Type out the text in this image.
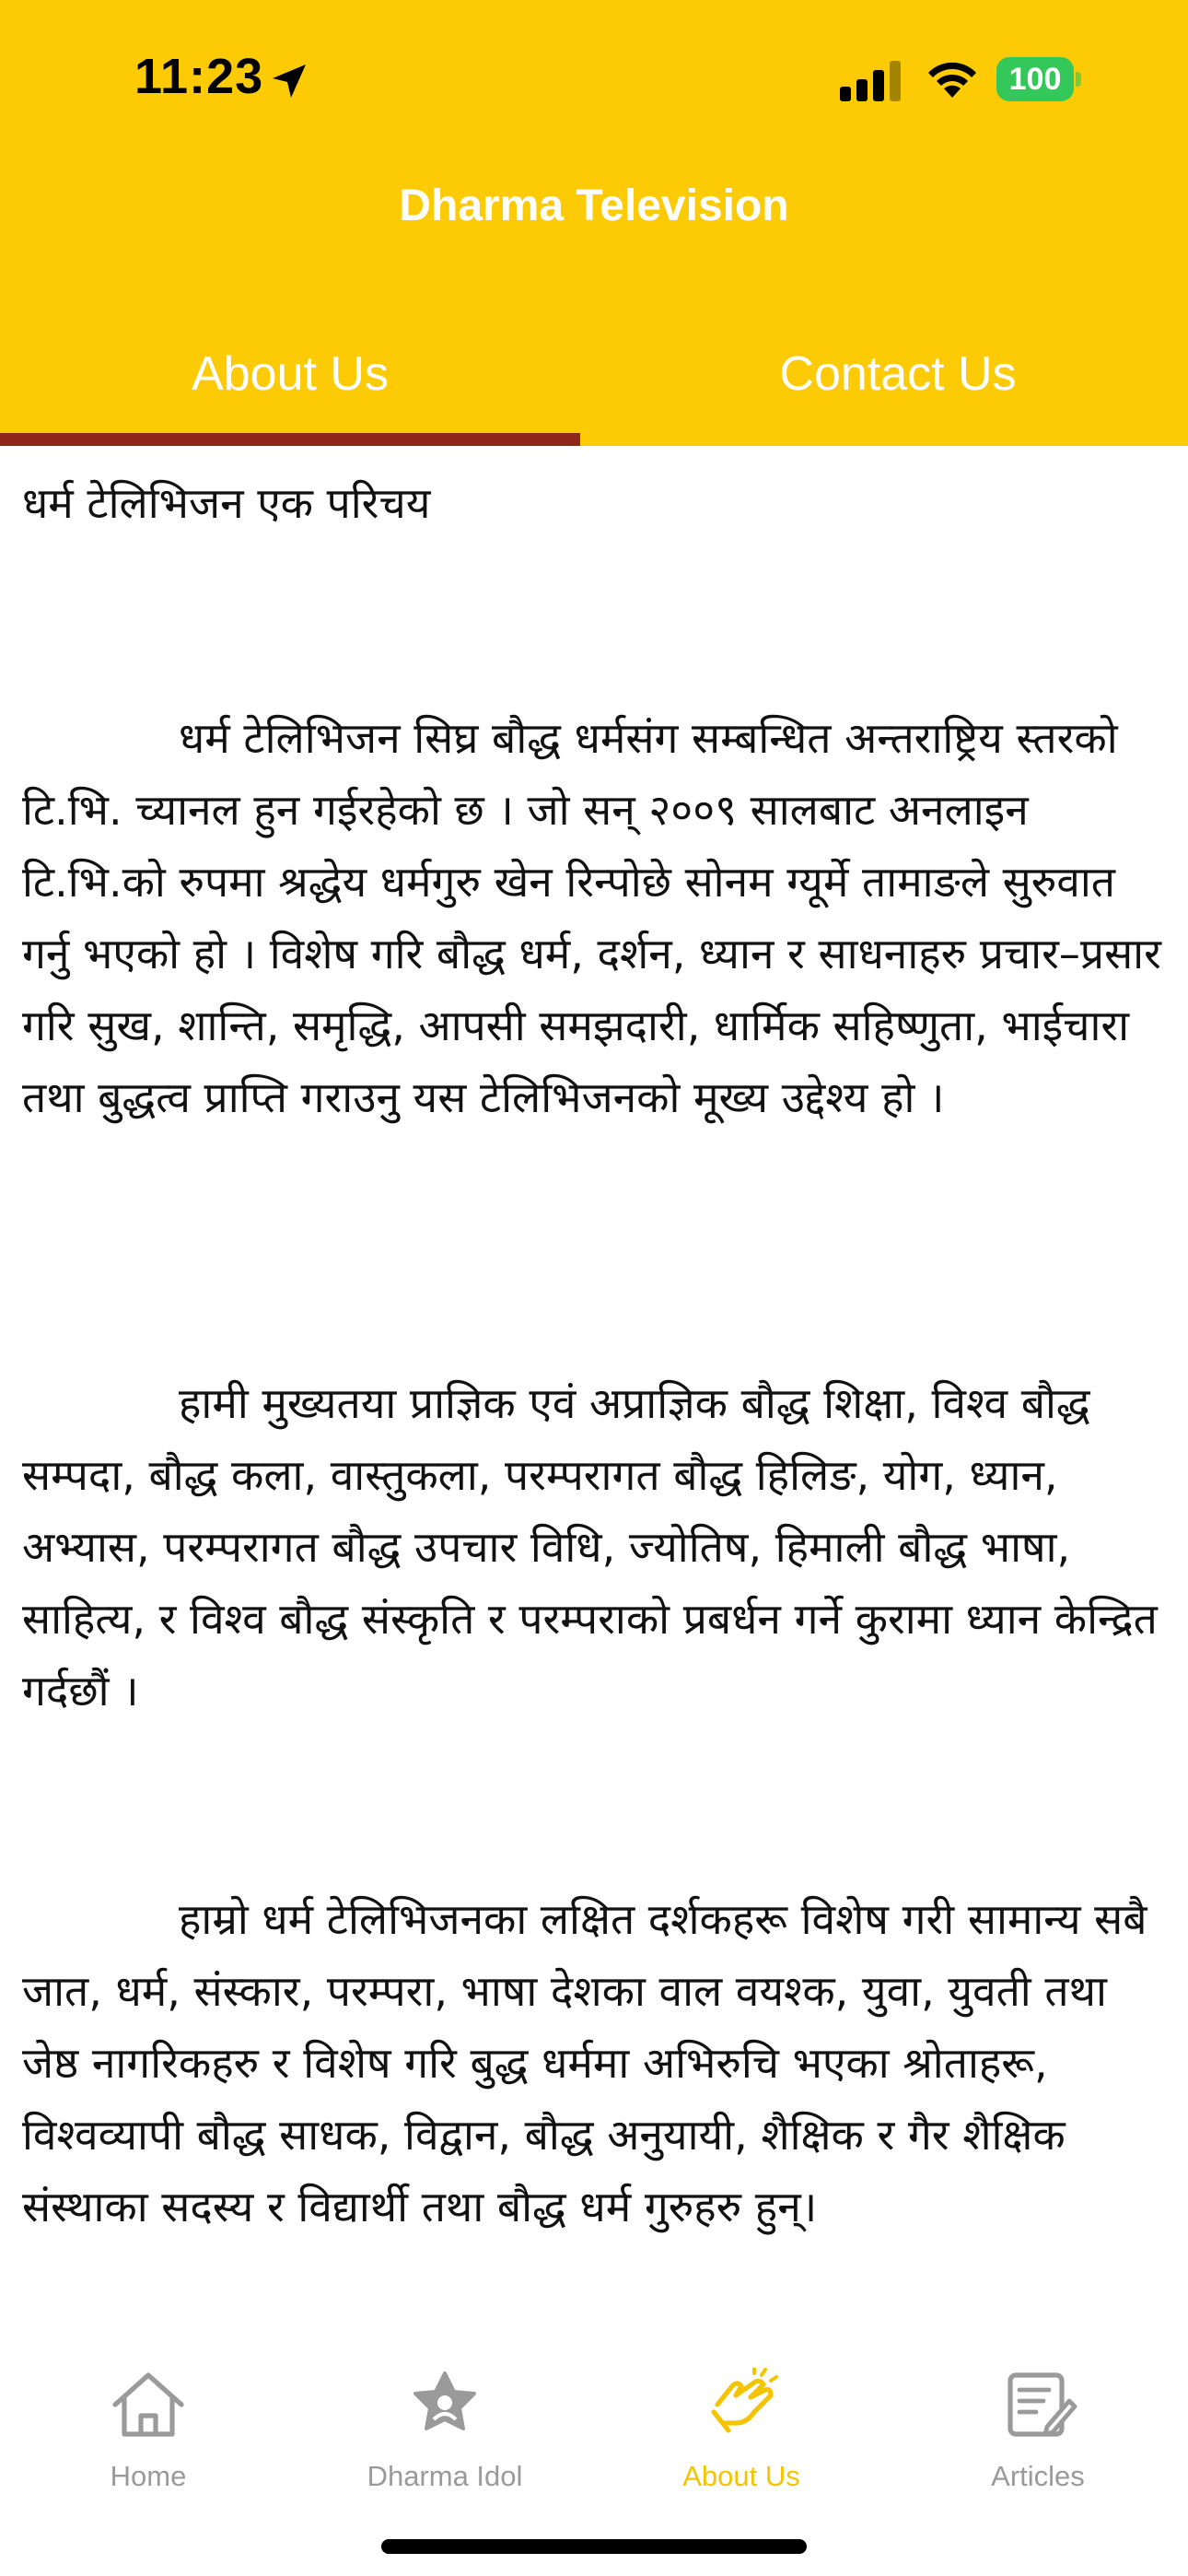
11:23	100
Dharma Television
About Us	Contact Us
धर्म टेलिभिजन एक परिचय

धर्म टेलिभिजन सिघ्र बौद्ध धर्मसंग सम्बन्धित अन्तराष्ट्रिय स्तरको टि.भि. च्यानल हुन गईरहेको छ । जो सन् २००९ सालबाट अनलाइन टि.भि.को रुपमा श्रद्धेय धर्मगुरु खेन रिन्पोछे सोनम ग्यूर्मे तामाङले सुरुवात गर्नु भएको हो । विशेष गरि बौद्ध धर्म, दर्शन, ध्यान र साधनाहरु प्रचार–प्रसार गरि सुख, शान्ति, समृद्धि, आपसी समझदारी, धार्मिक सहिष्णुता, भाईचारा तथा बुद्धत्व प्राप्ति गराउनु यस टेलिभिजनको मूख्य उद्देश्य हो ।

हामी मुख्यतया प्राज्ञिक एवं अप्राज्ञिक बौद्ध शिक्षा, विश्व बौद्ध सम्पदा, बौद्ध कला, वास्तुकला, परम्परागत बौद्ध हिलिङ, योग, ध्यान, अभ्यास, परम्परागत बौद्ध उपचार विधि, ज्योतिष, हिमाली बौद्ध भाषा, साहित्य, र विश्व बौद्ध संस्कृति र परम्पराको प्रबर्धन गर्ने कुरामा ध्यान केन्द्रित गर्दछौं ।

हाम्रो धर्म टेलिभिजनका लक्षित दर्शकहरू विशेष गरी सामान्य सबै जात, धर्म, संस्कार, परम्परा, भाषा देशका वाल वयश्क, युवा, युवती तथा जेष्ठ नागरिकहरु र विशेष गरि बुद्ध धर्ममा अभिरुचि भएका श्रोताहरू, विश्वव्यापी बौद्ध साधक, विद्वान, बौद्ध अनुयायी, शैक्षिक र गैर शैक्षिक संस्थाका सदस्य र विद्यार्थी तथा बौद्ध धर्म गुरुहरु हुन्।

Home	Dharma Idol	About Us	Articles
